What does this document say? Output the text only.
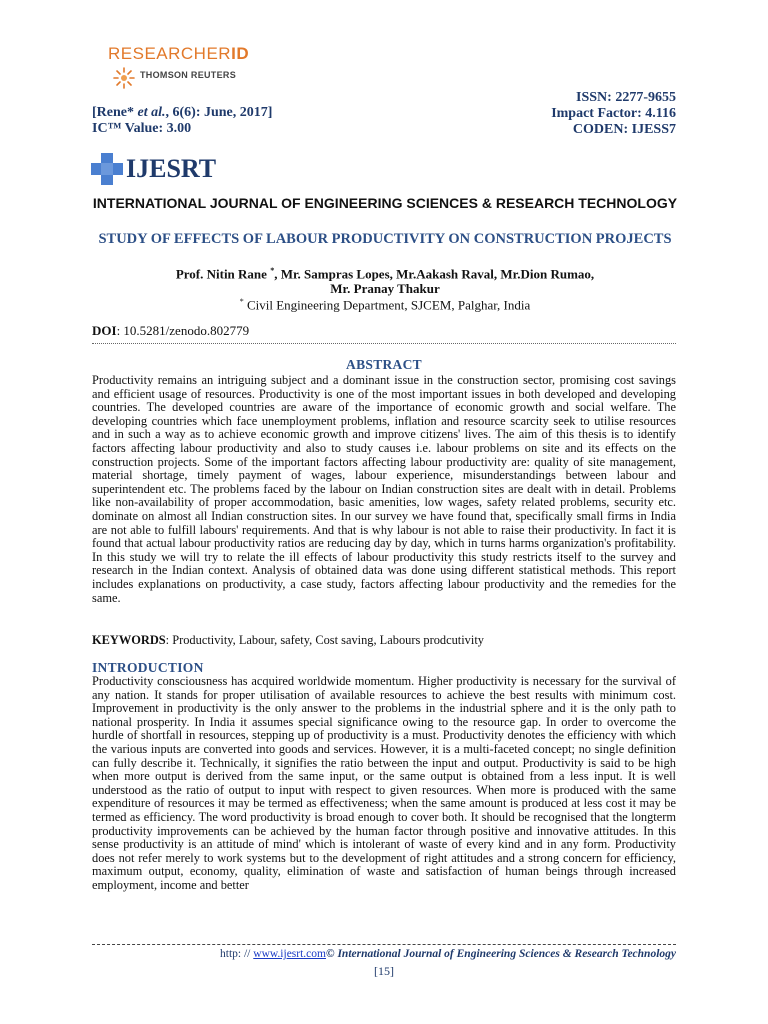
RESEARCHERID
THOMSON REUTERS
[Rene* et al., 6(6): June, 2017]
IC™ Value: 3.00
ISSN: 2277-9655
Impact Factor: 4.116
CODEN: IJESS7
IJESRT
INTERNATIONAL JOURNAL OF ENGINEERING SCIENCES & RESEARCH TECHNOLOGY
STUDY OF EFFECTS OF LABOUR PRODUCTIVITY ON CONSTRUCTION PROJECTS
Prof. Nitin Rane *, Mr. Sampras Lopes, Mr.Aakash Raval, Mr.Dion Rumao,
Mr. Pranay Thakur
* Civil Engineering Department, SJCEM, Palghar, India
DOI: 10.5281/zenodo.802779
ABSTRACT
Productivity remains an intriguing subject and a dominant issue in the construction sector, promising cost savings and efficient usage of resources. Productivity is one of the most important issues in both developed and developing countries. The developed countries are aware of the importance of economic growth and social welfare. The developing countries which face unemployment problems, inflation and resource scarcity seek to utilise resources and in such a way as to achieve economic growth and improve citizens' lives. The aim of this thesis is to identify factors affecting labour productivity and also to study causes i.e. labour problems on site and its effects on the construction projects. Some of the important factors affecting labour productivity are: quality of site management, material shortage, timely payment of wages, labour experience, misunderstandings between labour and superintendent etc. The problems faced by the labour on Indian construction sites are dealt with in detail. Problems like non-availability of proper accommodation, basic amenities, low wages, safety related problems, security etc. dominate on almost all Indian construction sites. In our survey we have found that, specifically small firms in India are not able to fulfill labours' requirements. And that is why labour is not able to raise their productivity. In fact it is found that actual labour productivity ratios are reducing day by day, which in turns harms organization's profitability. In this study we will try to relate the ill effects of labour productivity this study restricts itself to the survey and research in the Indian context. Analysis of obtained data was done using different statistical methods. This report includes explanations on productivity, a case study, factors affecting labour productivity and the remedies for the same.
KEYWORDS: Productivity, Labour, safety, Cost saving, Labours prodcutivity
INTRODUCTION
Productivity consciousness has acquired worldwide momentum. Higher productivity is necessary for the survival of any nation. It stands for proper utilisation of available resources to achieve the best results with minimum cost. Improvement in productivity is the only answer to the problems in the industrial sphere and it is the only path to national prosperity. In India it assumes special significance owing to the resource gap. In order to overcome the hurdle of shortfall in resources, stepping up of productivity is a must. Productivity denotes the efficiency with which the various inputs are converted into goods and services. However, it is a multi-faceted concept; no single definition can fully describe it. Technically, it signifies the ratio between the input and output. Productivity is said to be high when more output is derived from the same input, or the same output is obtained from a less input. It is well understood as the ratio of output to input with respect to given resources. When more is produced with the same expenditure of resources it may be termed as effectiveness; when the same amount is produced at less cost it may be termed as efficiency. The word productivity is broad enough to cover both. It should be recognised that the longterm productivity improvements can be achieved by the human factor through positive and innovative attitudes. In this sense productivity is an attitude of mind' which is intolerant of waste of every kind and in any form. Productivity does not refer merely to work systems but to the development of right attitudes and a strong concern for efficiency, maximum output, economy, quality, elimination of waste and satisfaction of human beings through increased employment, income and better
http: // www.ijesrt.com© International Journal of Engineering Sciences & Research Technology
[15]
